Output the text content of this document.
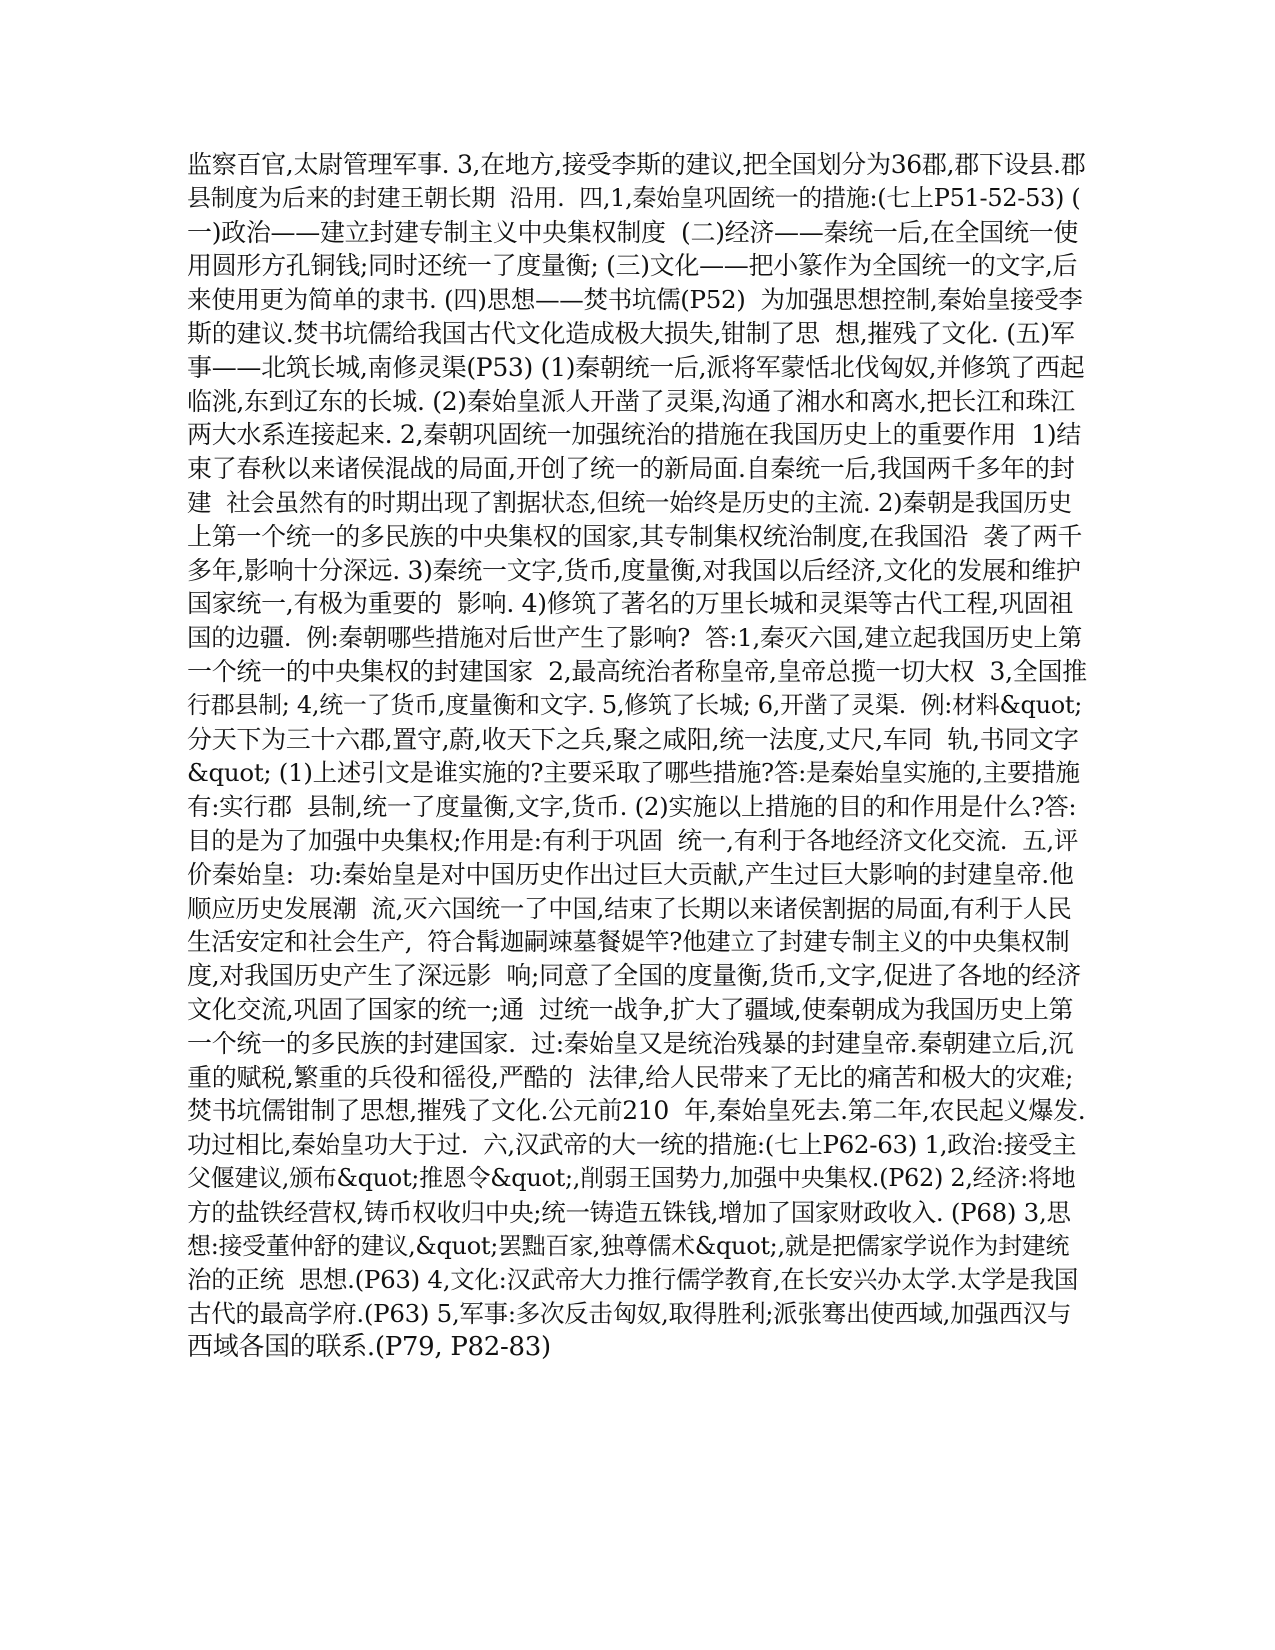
监察百官,太尉管理军事. 3,在地方,接受李斯的建议,把全国划分为36郡,郡下设县.郡
县制度为后来的封建王朝长期  沿用.  四,1,秦始皇巩固统一的措施:(七上P51-52-53) (
一)政治——建立封建专制主义中央集权制度  (二)经济——秦统一后,在全国统一使
用圆形方孔铜钱;同时还统一了度量衡; (三)文化——把小篆作为全国统一的文字,后
来使用更为简单的隶书. (四)思想——焚书坑儒(P52)  为加强思想控制,秦始皇接受李
斯的建议.焚书坑儒给我国古代文化造成极大损失,钳制了思  想,摧残了文化. (五)军
事——北筑长城,南修灵渠(P53) (1)秦朝统一后,派将军蒙恬北伐匈奴,并修筑了西起
临洮,东到辽东的长城. (2)秦始皇派人开凿了灵渠,沟通了湘水和离水,把长江和珠江
两大水系连接起来. 2,秦朝巩固统一加强统治的措施在我国历史上的重要作用  1)结
束了春秋以来诸侯混战的局面,开创了统一的新局面.自秦统一后,我国两千多年的封
建  社会虽然有的时期出现了割据状态,但统一始终是历史的主流. 2)秦朝是我国历史
上第一个统一的多民族的中央集权的国家,其专制集权统治制度,在我国沿  袭了两千
多年,影响十分深远. 3)秦统一文字,货币,度量衡,对我国以后经济,文化的发展和维护
国家统一,有极为重要的  影响. 4)修筑了著名的万里长城和灵渠等古代工程,巩固祖
国的边疆.  例:秦朝哪些措施对后世产生了影响?  答:1,秦灭六国,建立起我国历史上第
一个统一的中央集权的封建国家  2,最高统治者称皇帝,皇帝总揽一切大权  3,全国推
行郡县制; 4,统一了货币,度量衡和文字. 5,修筑了长城; 6,开凿了灵渠.  例:材料&quot;
分天下为三十六郡,置守,蔚,收天下之兵,聚之咸阳,统一法度,丈尺,车同  轨,书同文字
&quot; (1)上述引文是谁实施的?主要采取了哪些措施?答:是秦始皇实施的,主要措施
有:实行郡  县制,统一了度量衡,文字,货币. (2)实施以上措施的目的和作用是什么?答:
目的是为了加强中央集权;作用是:有利于巩固  统一,有利于各地经济文化交流.  五,评
价秦始皇:  功:秦始皇是对中国历史作出过巨大贡献,产生过巨大影响的封建皇帝.他
顺应历史发展潮  流,灭六国统一了中国,结束了长期以来诸侯割据的局面,有利于人民
生活安定和社会生产,  符合髯迦嗣竦墓餐媞竿?他建立了封建专制主义的中央集权制
度,对我国历史产生了深远影  响;同意了全国的度量衡,货币,文字,促进了各地的经济
文化交流,巩固了国家的统一;通  过统一战争,扩大了疆域,使秦朝成为我国历史上第
一个统一的多民族的封建国家.  过:秦始皇又是统治残暴的封建皇帝.秦朝建立后,沉
重的赋税,繁重的兵役和徭役,严酷的  法律,给人民带来了无比的痛苦和极大的灾难;
焚书坑儒钳制了思想,摧残了文化.公元前210  年,秦始皇死去.第二年,农民起义爆发.
功过相比,秦始皇功大于过.  六,汉武帝的大一统的措施:(七上P62-63) 1,政治:接受主
父偃建议,颁布&quot;推恩令&quot;,削弱王国势力,加强中央集权.(P62) 2,经济:将地
方的盐铁经营权,铸币权收归中央;统一铸造五铢钱,增加了国家财政收入. (P68) 3,思
想:接受董仲舒的建议,&quot;罢黜百家,独尊儒术&quot;,就是把儒家学说作为封建统
治的正统  思想.(P63) 4,文化:汉武帝大力推行儒学教育,在长安兴办太学.太学是我国
古代的最高学府.(P63) 5,军事:多次反击匈奴,取得胜利;派张骞出使西域,加强西汉与
西域各国的联系.(P79, P82-83)
